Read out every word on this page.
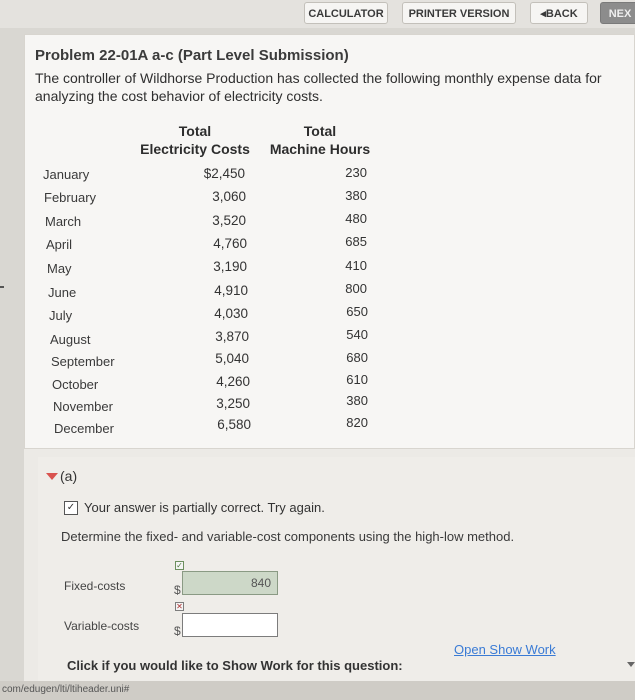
CALCULATOR	PRINTER VERSION	◂BACK	NEX
Problem 22-01A a-c (Part Level Submission)
The controller of Wildhorse Production has collected the following monthly expense data for analyzing the cost behavior of electricity costs.
Total
Electricity Costs
Total
Machine Hours
January	$2,450	230
February	3,060	380
March	3,520	480
April	4,760	685
May	3,190	410
June	4,910	800
July	4,030	650
August	3,870	540
September	5,040	680
October	4,260	610
November	3,250	380
December	6,580	820
(a)
✓ Your answer is partially correct. Try again.
Determine the fixed- and variable-cost components using the high-low method.
✓
Fixed-costs	$	840
✕
Variable-costs	$
Click if you would like to Show Work for this question:
Open Show Work
com/edugen/lti/ltiheader.uni#
